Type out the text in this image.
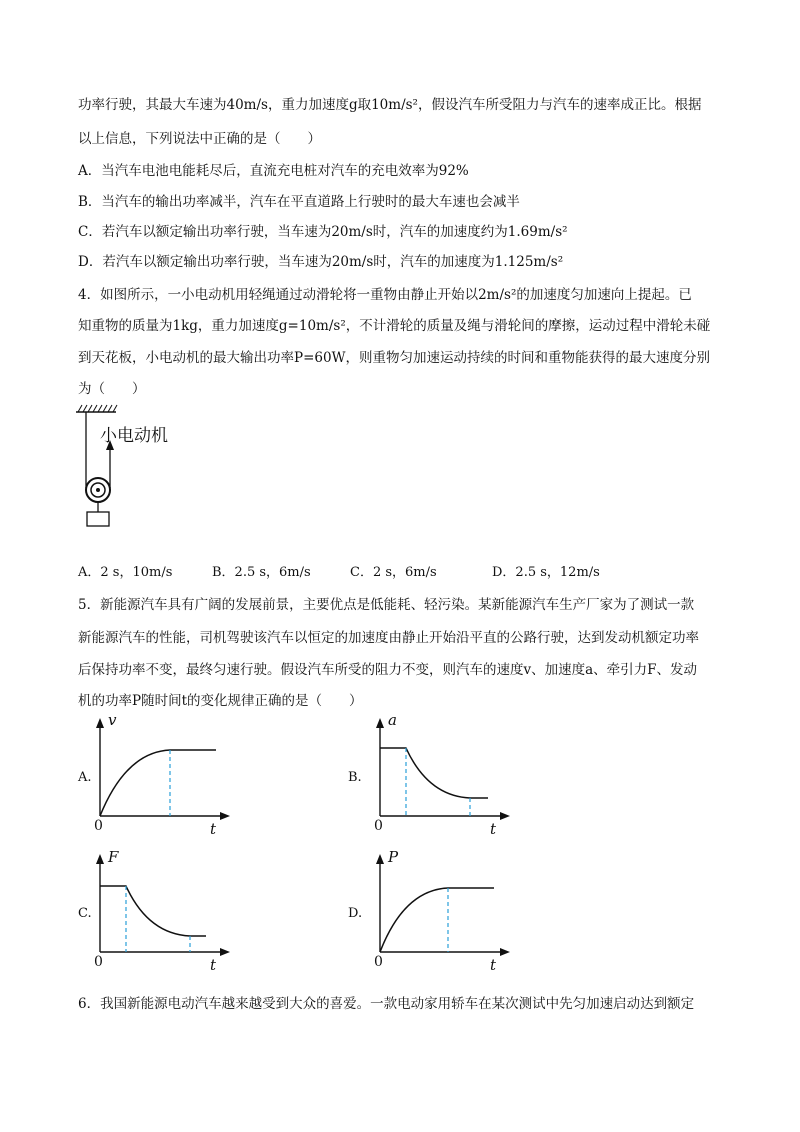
功率行驶，其最大车速为40m/s，重力加速度g取10m/s²，假设汽车所受阻力与汽车的速率成正比。根据
以上信息，下列说法中正确的是（　　）
A．当汽车电池电能耗尽后，直流充电桩对汽车的充电效率为92%
B．当汽车的输出功率减半，汽车在平直道路上行驶时的最大车速也会减半
C．若汽车以额定输出功率行驶，当车速为20m/s时，汽车的加速度约为1.69m/s²
D．若汽车以额定输出功率行驶，当车速为20m/s时，汽车的加速度为1.125m/s²
4．如图所示，一小电动机用轻绳通过动滑轮将一重物由静止开始以2m/s²的加速度匀加速向上提起。已
知重物的质量为1kg，重力加速度g=10m/s²，不计滑轮的质量及绳与滑轮间的摩擦，运动过程中滑轮未碰
到天花板，小电动机的最大输出功率P=60W，则重物匀加速运动持续的时间和重物能获得的最大速度分别
为（　　）
小电动机
A．2 s，10m/s	B．2.5 s，6m/s	C．2 s，6m/s	D．2.5 s，12m/s
5．新能源汽车具有广阔的发展前景，主要优点是低能耗、轻污染。某新能源汽车生产厂家为了测试一款
新能源汽车的性能，司机驾驶该汽车以恒定的加速度由静止开始沿平直的公路行驶，达到发动机额定功率
后保持功率不变，最终匀速行驶。假设汽车所受的阻力不变，则汽车的速度v、加速度a、牵引力F、发动
机的功率P随时间t的变化规律正确的是（　　）
A.
v
0	t
B.
a
0	t
C.
F
0	t
D.
P
0	t
6．我国新能源电动汽车越来越受到大众的喜爱。一款电动家用轿车在某次测试中先匀加速启动达到额定
